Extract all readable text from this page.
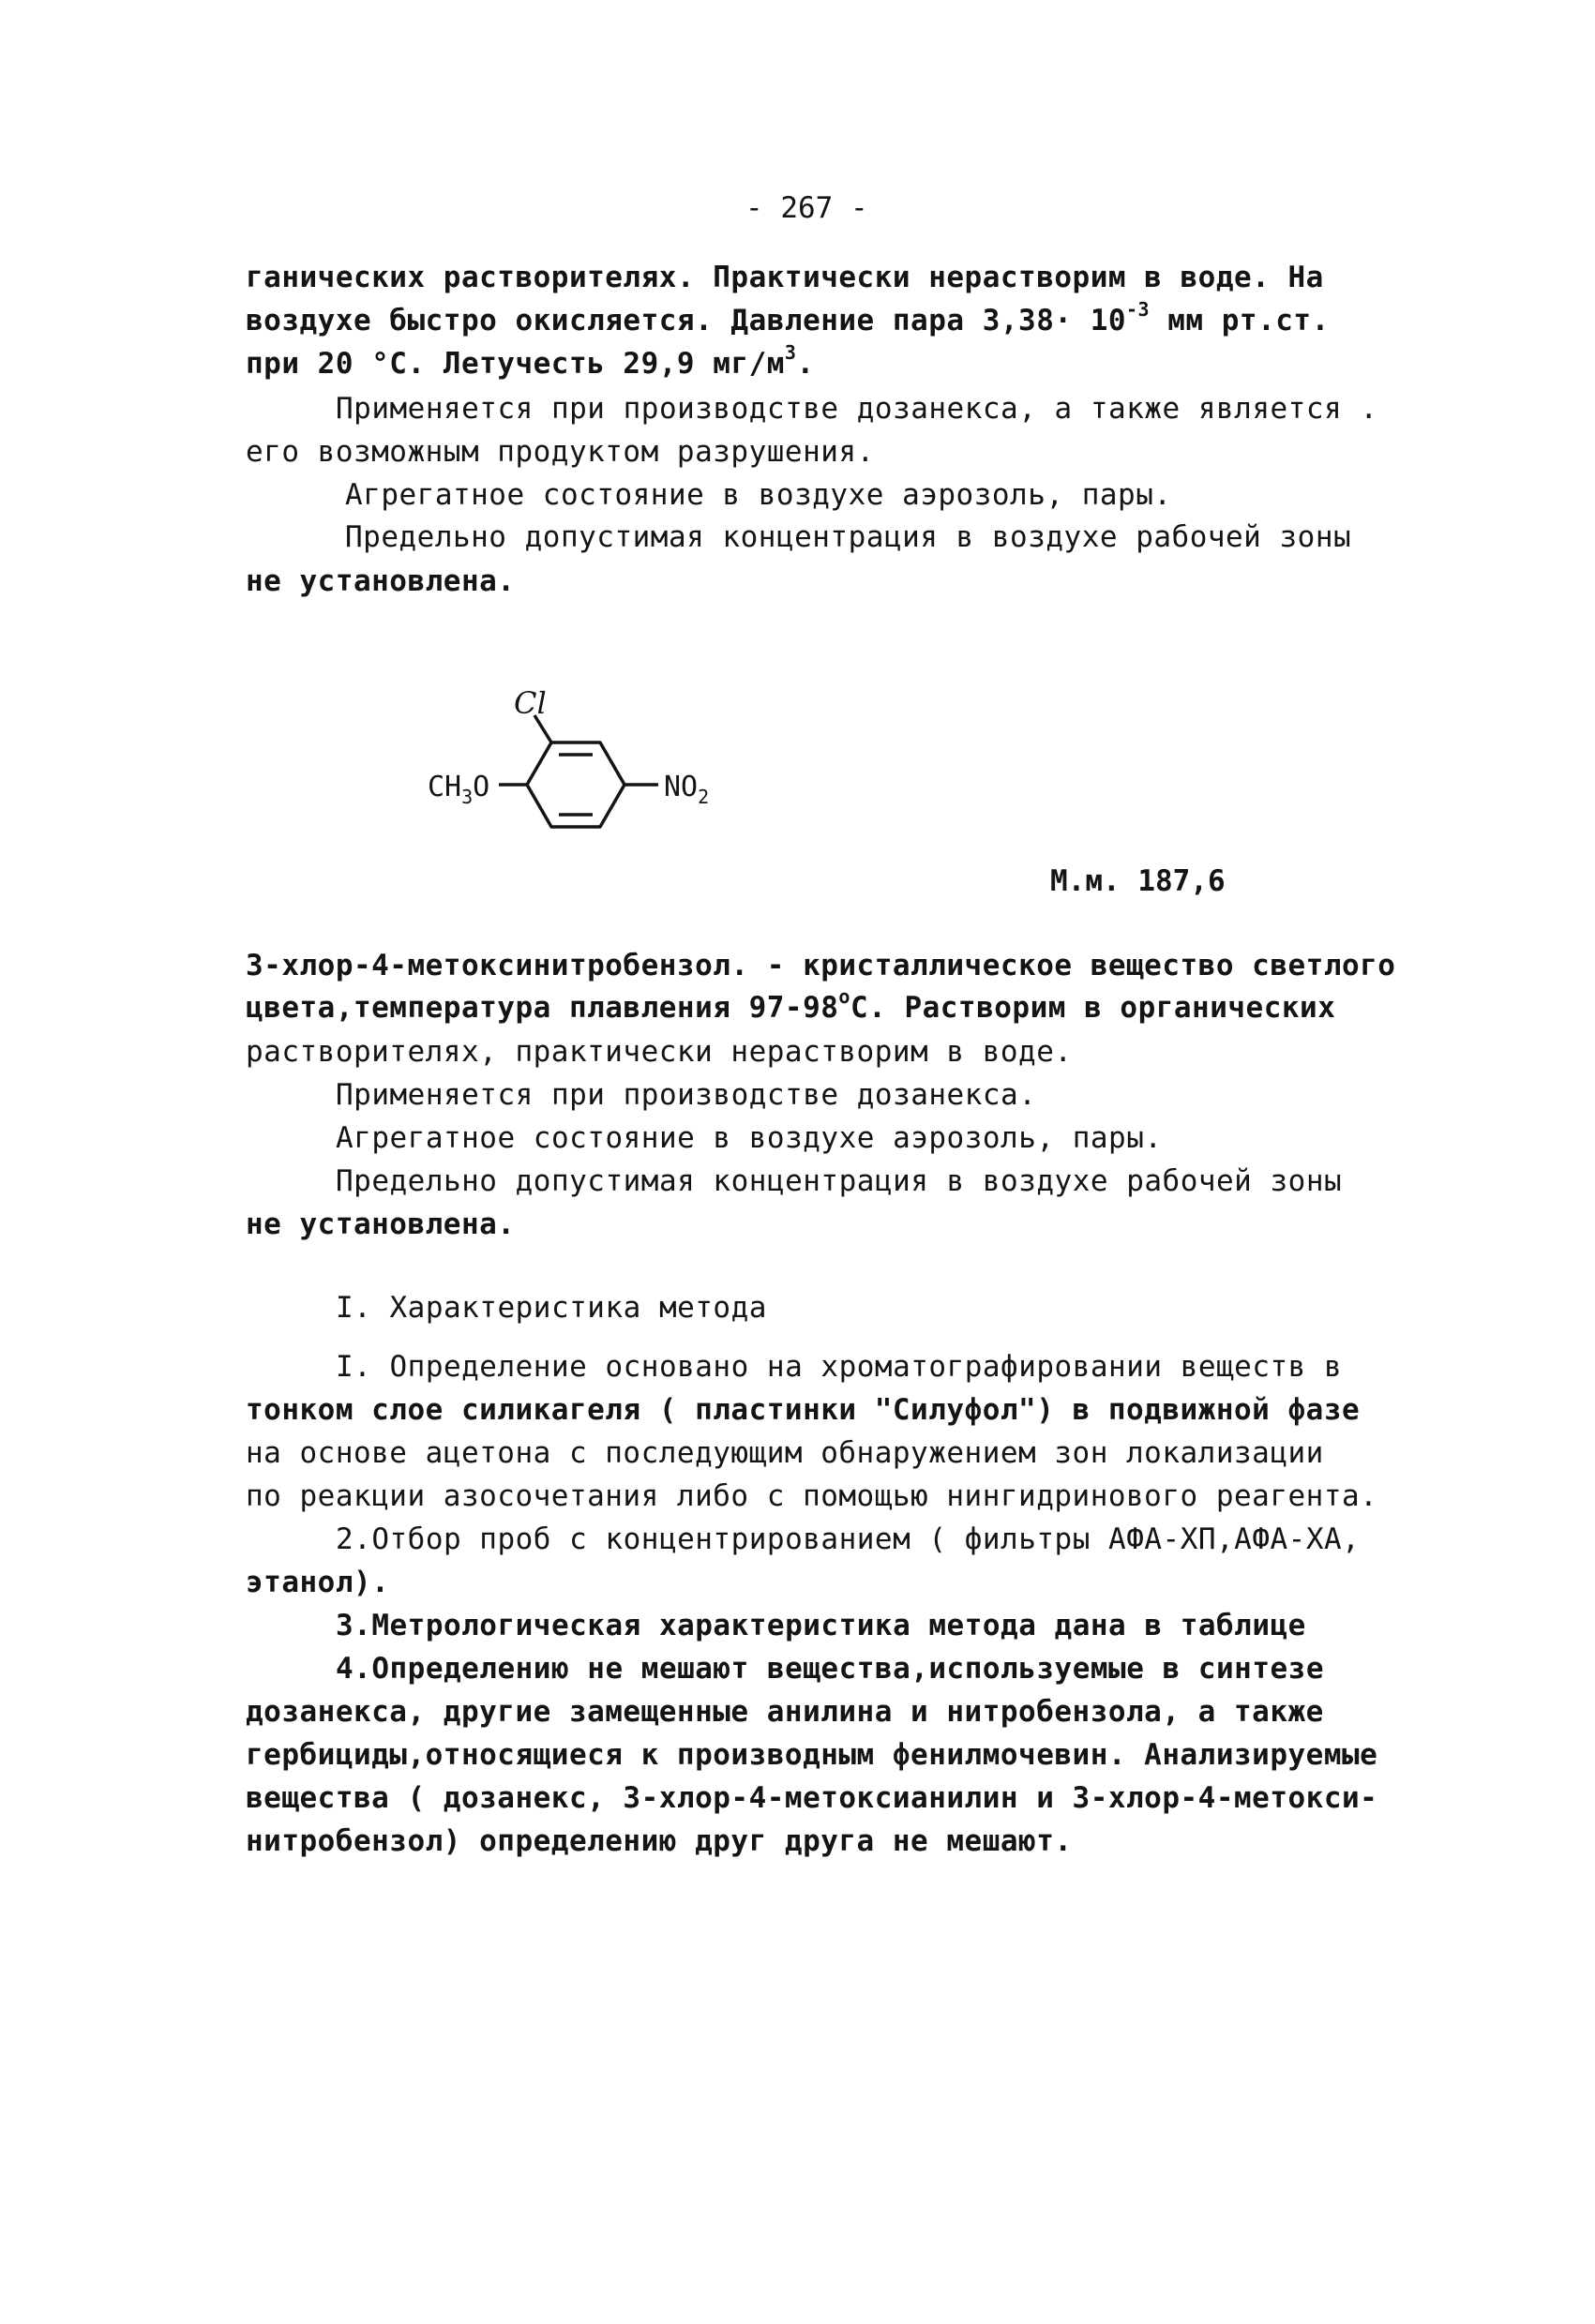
- 267 -
ганических растворителях. Практически нерастворим в воде. На
воздухе быстро окисляется. Давление пара $3,38\cdot 10^{-3}$ мм рт.ст.
при 20 °С. Летучесть 29,9 $мг/м^3$.
Применяется при производстве дозанекса, а также является .
его возможным продуктом разрушения.
Агрегатное состояние в воздухе аэрозоль, пары.
Предельно допустимая концентрация в воздухе рабочей зоны
не установлена.
Cl
$CH_3O$	$NO_2$
М.м. 187,6
3-хлор-4-метоксинитробензол. - кристаллическое вещество светлого
цвета,температура плавления $97-98^оС$. Растворим в органических
растворителях, практически нерастворим в воде.
Применяется при производстве дозанекса.
Агрегатное состояние в воздухе аэрозоль, пары.
Предельно допустимая концентрация в воздухе рабочей зоны
не установлена.
I. Характеристика метода
I. Определение основано на хроматографировании веществ в
тонком слое силикагеля ( пластинки "Силуфол") в подвижной фазе
на основе ацетона с последующим обнаружением зон локализации
по реакции азосочетания либо с помощью нингидринового реагента.
2.Отбор проб с концентрированием ( фильтры АФА-ХП,АФА-ХА,
этанол).
3.Метрологическая характеристика метода дана в таблице
4.Определению не мешают вещества,используемые в синтезе
дозанекса, другие замещенные анилина и нитробензола, а также
гербициды,относящиеся к производным фенилмочевин. Анализируемые
вещества ( дозанекс, 3-хлор-4-метоксианилин и 3-хлор-4-метокси-
нитробензол) определению друг друга не мешают.
